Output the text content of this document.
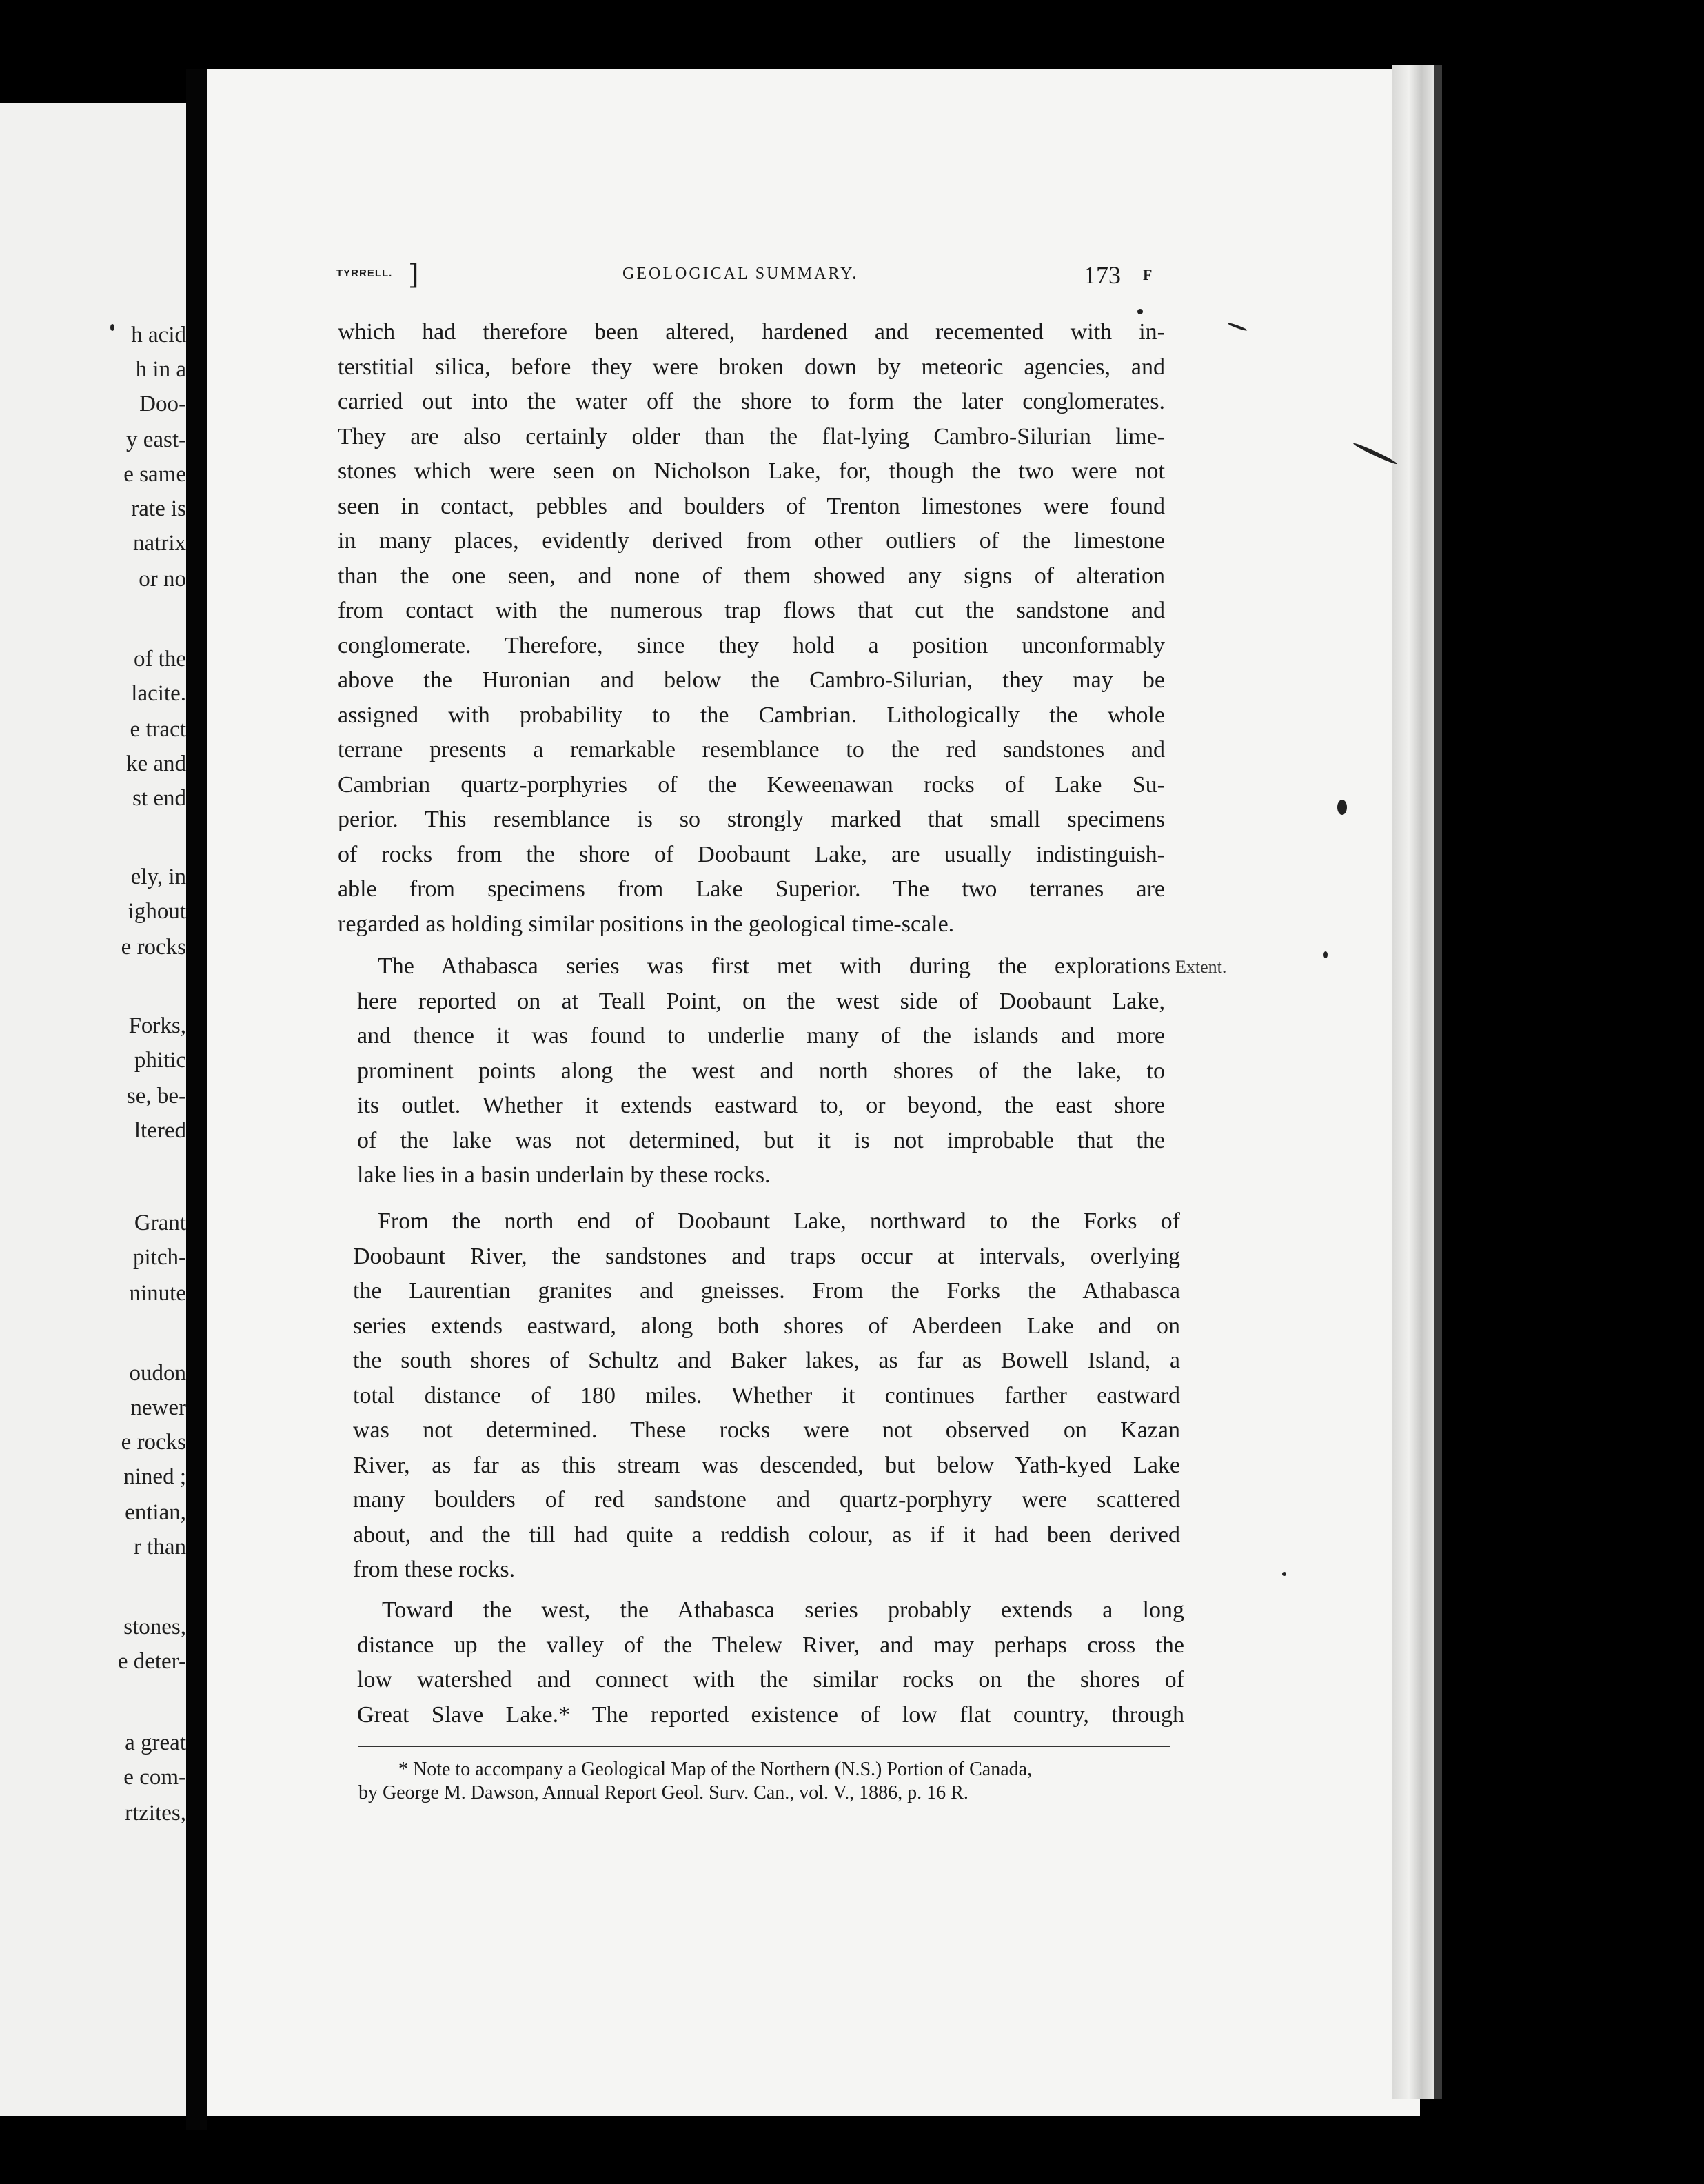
h acid
h in a
Doo-
y east-
e same
rate is
natrix
or no
of the
lacite.
e tract
ke and
st end
ely, in
ighout
e rocks
Forks,
phitic
se, be-
ltered
Grant
pitch-
ninute
oudon
newer
e rocks
nined ;
entian,
r than
stones,
e deter-
a great
e com-
rtzites,
TYRRELL. ]	GEOLOGICAL SUMMARY.	173 F
which had therefore been altered, hardened and recemented with in-
terstitial silica, before they were broken down by meteoric agencies, and
carried out into the water off the shore to form the later conglomerates.
They are also certainly older than the flat-lying Cambro-Silurian lime-
stones which were seen on Nicholson Lake, for, though the two were not
seen in contact, pebbles and boulders of Trenton limestones were found
in many places, evidently derived from other outliers of the limestone
than the one seen, and none of them showed any signs of alteration
from contact with the numerous trap flows that cut the sandstone and
conglomerate. Therefore, since they hold a position unconformably
above the Huronian and below the Cambro-Silurian, they may be
assigned with probability to the Cambrian. Lithologically the whole
terrane presents a remarkable resemblance to the red sandstones and
Cambrian quartz-porphyries of the Keweenawan rocks of Lake Su-
perior. This resemblance is so strongly marked that small specimens
of rocks from the shore of Doobaunt Lake, are usually indistinguish-
able from specimens from Lake Superior. The two terranes are
regarded as holding similar positions in the geological time-scale.
The Athabasca series was first met with during the explorations
here reported on at Teall Point, on the west side of Doobaunt Lake,
and thence it was found to underlie many of the islands and more
prominent points along the west and north shores of the lake, to
its outlet. Whether it extends eastward to, or beyond, the east shore
of the lake was not determined, but it is not improbable that the
lake lies in a basin underlain by these rocks.
From the north end of Doobaunt Lake, northward to the Forks of
Doobaunt River, the sandstones and traps occur at intervals, overlying
the Laurentian granites and gneisses. From the Forks the Athabasca
series extends eastward, along both shores of Aberdeen Lake and on
the south shores of Schultz and Baker lakes, as far as Bowell Island, a
total distance of 180 miles. Whether it continues farther eastward
was not determined. These rocks were not observed on Kazan
River, as far as this stream was descended, but below Yath-kyed Lake
many boulders of red sandstone and quartz-porphyry were scattered
about, and the till had quite a reddish colour, as if it had been derived
from these rocks.
Toward the west, the Athabasca series probably extends a long
distance up the valley of the Thelew River, and may perhaps cross the
low watershed and connect with the similar rocks on the shores of
Great Slave Lake.* The reported existence of low flat country, through
Extent.
* Note to accompany a Geological Map of the Northern (N.S.) Portion of Canada,
by George M. Dawson, Annual Report Geol. Surv. Can., vol. V., 1886, p. 16 R.
